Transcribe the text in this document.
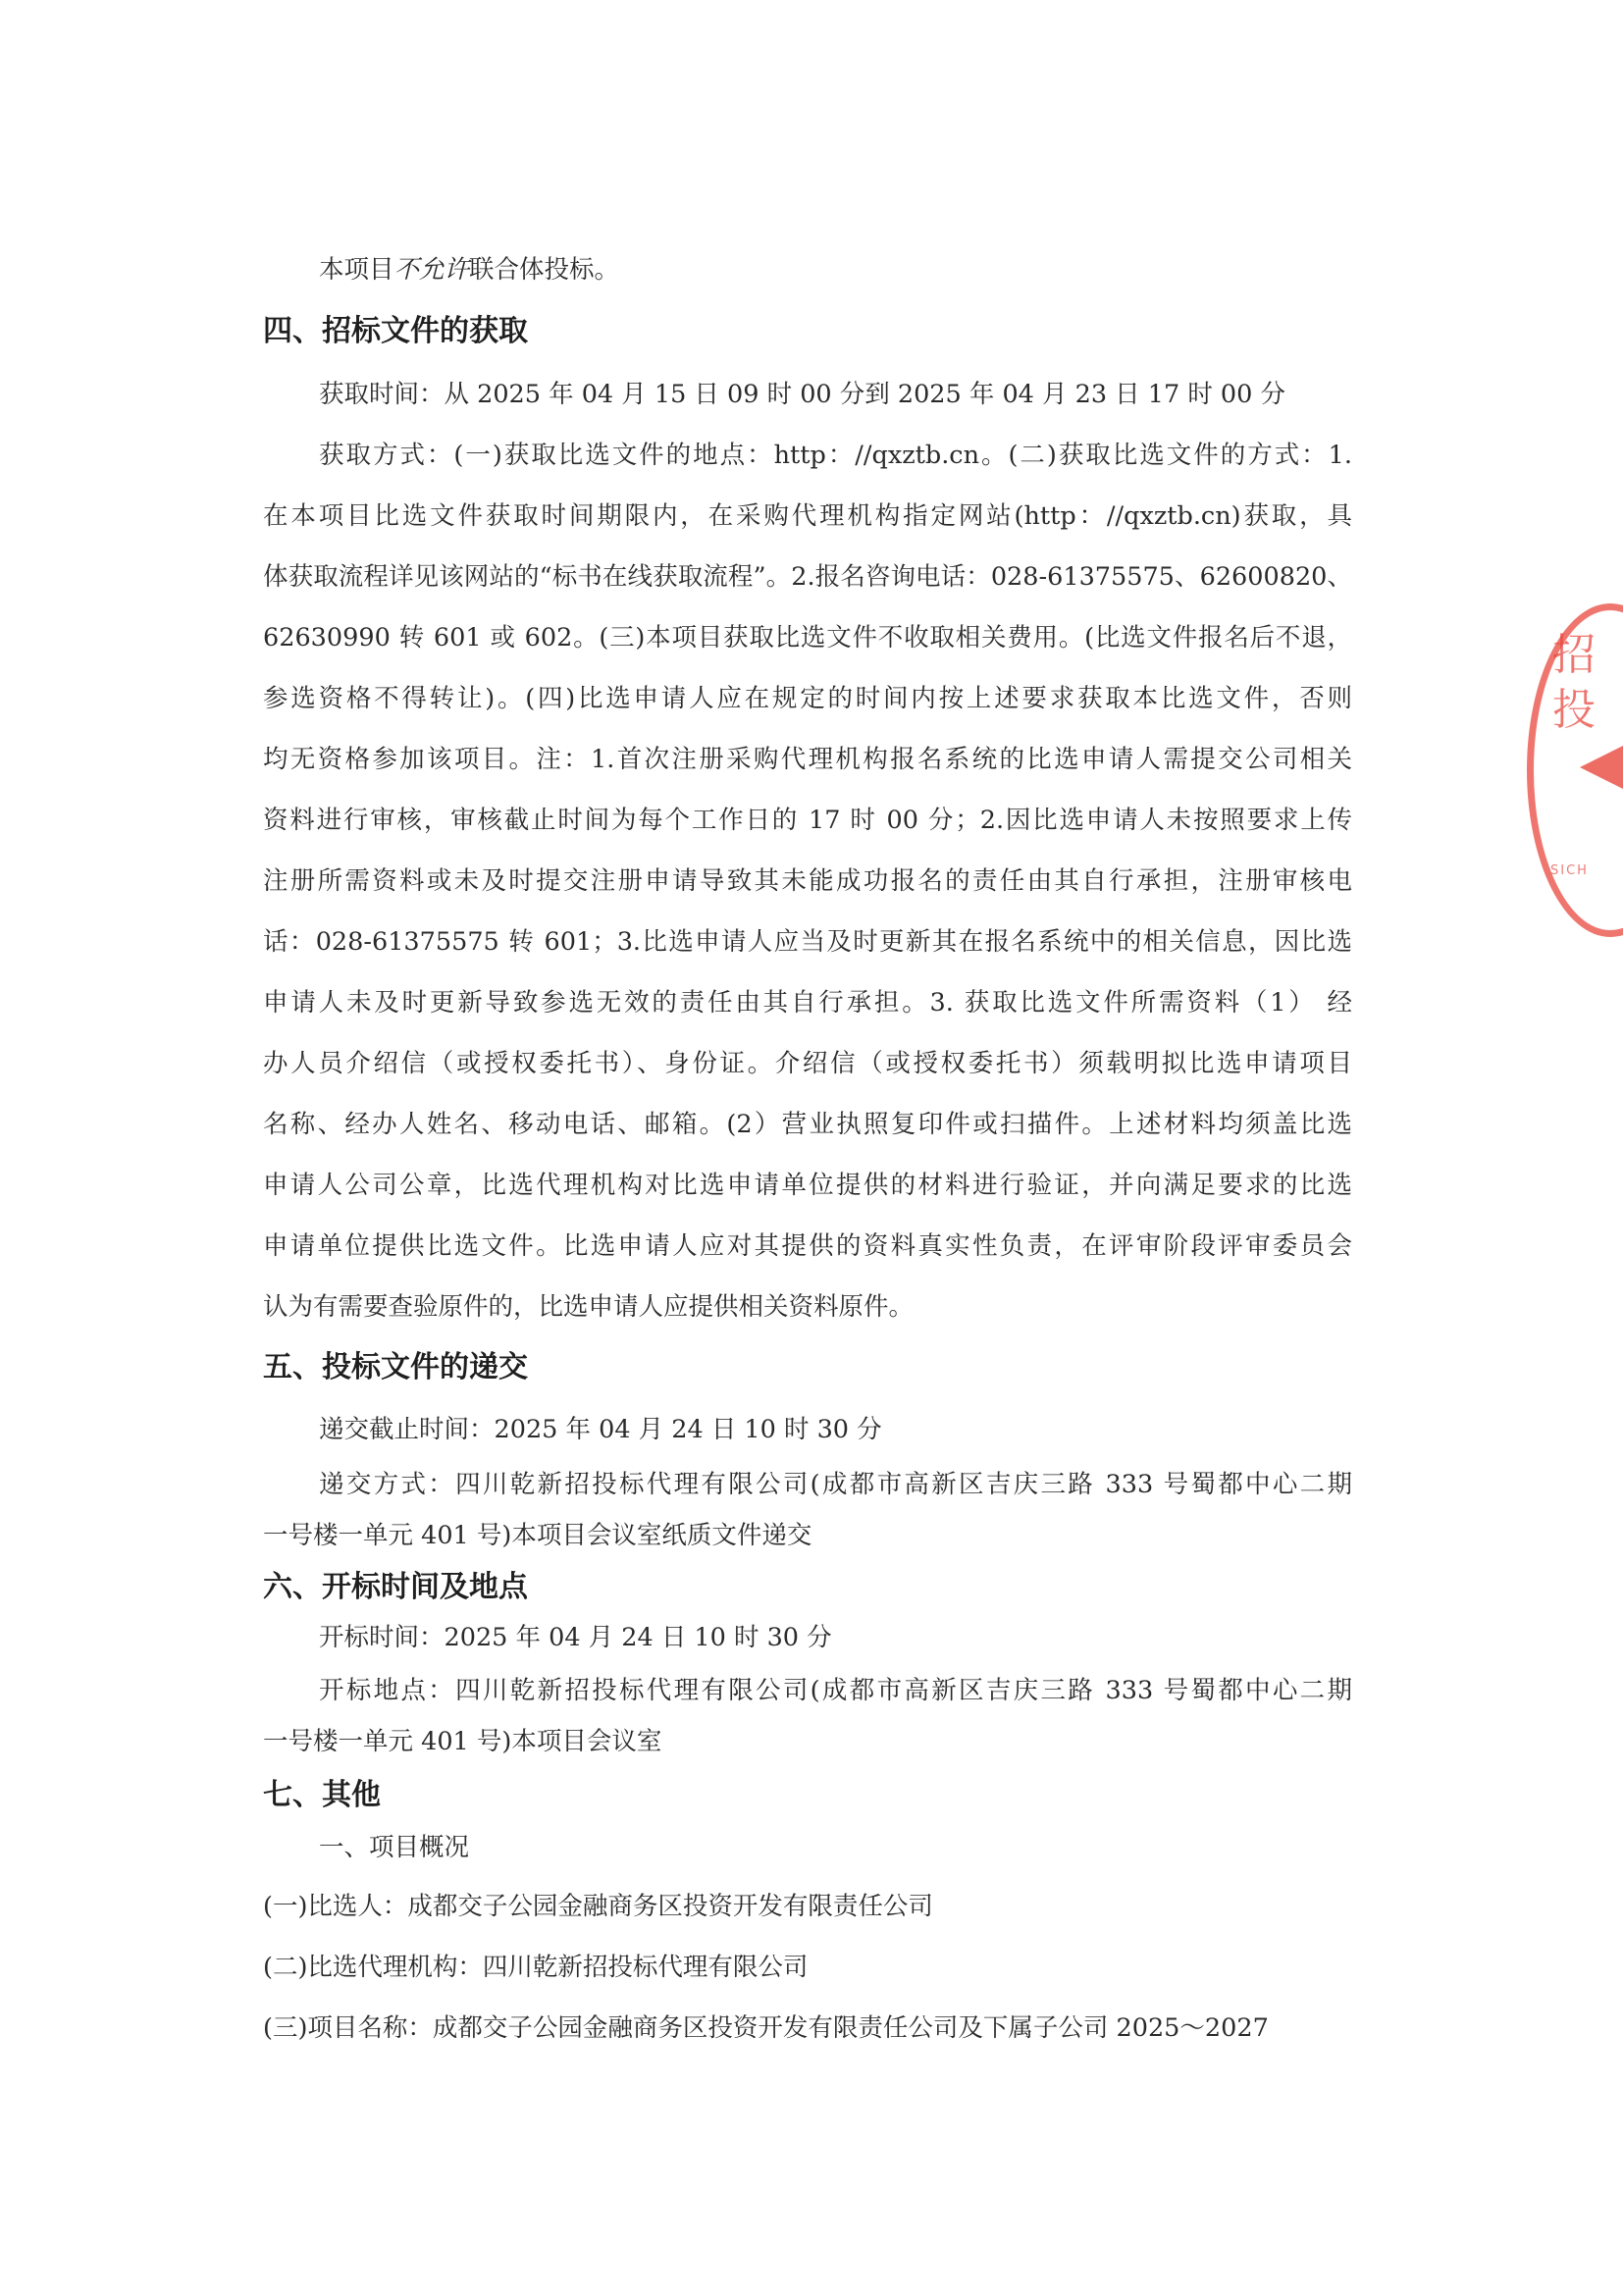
本项目不允许联合体投标。
四、招标文件的获取
获取时间：从 2025 年 04 月 15 日 09 时 00 分到 2025 年 04 月 23 日 17 时 00 分
获取方式：(一)获取比选文件的地点：http：//qxztb.cn。(二)获取比选文件的方式：1.
在本项目比选文件获取时间期限内，在采购代理机构指定网站(http：//qxztb.cn)获取，具
体获取流程详见该网站的“标书在线获取流程”。2.报名咨询电话：028-61375575、62600820、
62630990 转 601 或 602。(三)本项目获取比选文件不收取相关费用。(比选文件报名后不退，
参选资格不得转让)。(四)比选申请人应在规定的时间内按上述要求获取本比选文件，否则
均无资格参加该项目。注：1.首次注册采购代理机构报名系统的比选申请人需提交公司相关
资料进行审核，审核截止时间为每个工作日的 17 时 00 分；2.因比选申请人未按照要求上传
注册所需资料或未及时提交注册申请导致其未能成功报名的责任由其自行承担，注册审核电
话：028-61375575 转 601；3.比选申请人应当及时更新其在报名系统中的相关信息，因比选
申请人未及时更新导致参选无效的责任由其自行承担。3. 获取比选文件所需资料（1） 经
办人员介绍信（或授权委托书）、身份证。介绍信（或授权委托书）须载明拟比选申请项目
名称、经办人姓名、移动电话、邮箱。(2）营业执照复印件或扫描件。上述材料均须盖比选
申请人公司公章，比选代理机构对比选申请单位提供的材料进行验证，并向满足要求的比选
申请单位提供比选文件。比选申请人应对其提供的资料真实性负责，在评审阶段评审委员会
认为有需要查验原件的，比选申请人应提供相关资料原件。
五、投标文件的递交
递交截止时间：2025 年 04 月 24 日 10 时 30 分
递交方式：四川乾新招投标代理有限公司(成都市高新区吉庆三路 333 号蜀都中心二期
一号楼一单元 401 号)本项目会议室纸质文件递交
六、开标时间及地点
开标时间：2025 年 04 月 24 日 10 时 30 分
开标地点：四川乾新招投标代理有限公司(成都市高新区吉庆三路 333 号蜀都中心二期
一号楼一单元 401 号)本项目会议室
七、其他
一、项目概况
(一)比选人：成都交子公园金融商务区投资开发有限责任公司
(二)比选代理机构：四川乾新招投标代理有限公司
(三)项目名称：成都交子公园金融商务区投资开发有限责任公司及下属子公司 2025～2027
招投
SICH
